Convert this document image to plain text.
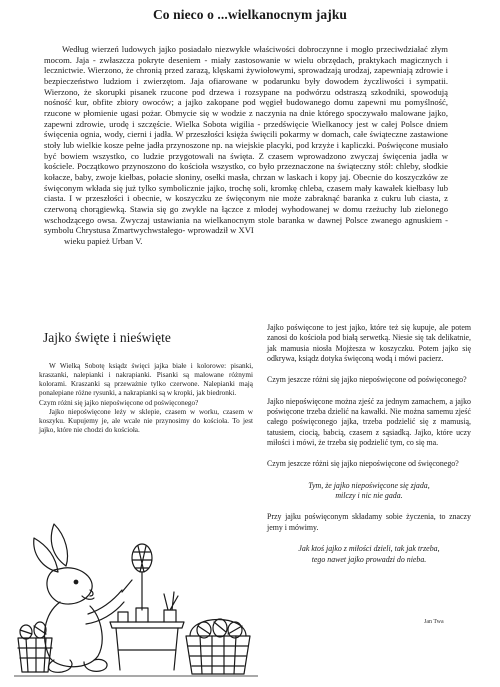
Co nieco o ...wielkanocnym jajku
Według wierzeń ludowych jajko posiadało niezwykłe właściwości dobroczynne i mogło przeciwdziałać złym mocom. Jaja - zwłaszcza pokryte deseniem - miały zastosowanie w wielu obrzędach, praktykach magicznych i lecznictwie. Wierzono, że chronią przed zarazą, klęskami żywiołowymi, sprowadzają urodzaj, zapewniają zdrowie i bezpieczeństwo ludziom i zwierzętom. Jaja ofiarowane w podarunku były dowodem życzliwości i sympatii. Wierzono, że skorupki pisanek rzucone pod drzewa i rozsypane na podwórzu odstraszą szkodniki, spowodują nośność kur, obfite zbiory owoców; a jajko zakopane pod węgieł budowanego domu zapewni mu pomyślność, rzucone w płomienie ugasi pożar. Obmycie się w wodzie z naczynia na dnie którego spoczywało malowane jajko, zapewni zdrowie, urodę i szczęście. Wielka Sobota wigilia - przedświęcie Wielkanocy jest w całej Polsce dniem święcenia ognia, wody, cierni i jadła. W przeszłości księża święcili pokarmy w domach, całe świąteczne zastawione stoły lub wielkie kosze pełne jadła przynoszone np. na wiejskie placyki, pod krzyże i kapliczki. Poświęcone musiało być bowiem wszystko, co ludzie przygotowali na święta. Z czasem wprowadzono zwyczaj święcenia jadła w kościele. Początkowo przynoszono do kościoła wszystko, co było przeznaczone na świąteczny stół: chleby, słodkie kołacze, baby, zwoje kiełbas, połacie słoniny, osełki masła, chrzan w laskach i kopy jaj. Obecnie do koszyczków ze święconym wkłada się już tylko symbolicznie jajko, trochę soli, kromkę chleba, czasem mały kawałek kiełbasy lub ciasta. I w przeszłości i obecnie, w koszyczku ze święconym nie może zabraknąć baranka z cukru lub ciasta, z czerwoną chorągiewką. Stawia się go zwykle na łączce z młodej wyhodowanej w domu rzeżuchy lub zielonego wschodzącego owsa. Zwyczaj ustawiania na wielkanocnym stole baranka w dawnej Polsce zwanego agnuskiem - symbolu Chrystusa Zmartwychwstałego- wprowadził w XVI
wieku papież Urban V.
Jajko święte i nieświęte

W Wielką Sobotę ksiądz święci jajka białe i kolorowe: pisanki, kraszanki, nalepianki i nakrapianki. Pisanki są malowane różnymi kolorami. Kraszanki są przeważnie tylko czerwone. Nalepianki mają ponalepiane różne rysunki, a nakrapianki są w kropki, jak biedronki.

Czym różni się jajko niepoświęcone od poświęconego?

Jajko niepoświęcone leży w sklepie, czasem w worku, czasem w koszyku. Kupujemy je, ale wcale nie przynosimy do kościoła. To jest jajko, które nie chodzi do kościoła.

Jajko poświęcone to jest jajko, które też się kupuje, ale potem zanosi do kościoła pod białą serwetką. Niesie się tak delikatnie, jak mamusia niosła Mojżesza w koszyczku. Potem jajko się odkrywa, ksiądz dotyka święconą wodą i mówi pacierz.

Czym jeszcze różni się jajko niepoświęcone od poświęconego?

Jajko niepoświęcone można zjeść za jednym zamachem, a jajko poświęcone trzeba dzielić na kawałki. Nie można samemu zjeść całego poświęconego jajka, trzeba podzielić się z mamusią, tatusiem, ciocią, babcią, czasem z sąsiadką. Jajko, które uczy miłości i mówi, że trzeba się podzielić tym, co się ma.

Czym jeszcze różni się jajko niepoświęcone od święconego?

Tym, że jajko niepoświęcone się zjada,
milczy i nic nie gada.

Przy jajku poświęconym składamy sobie życzenia, to znaczy jemy i mówimy.

Jak ktoś jajko z miłości dzieli, tak jak trzeba,
tego nawet jajko prowadzi do nieba.

Jan Twa
